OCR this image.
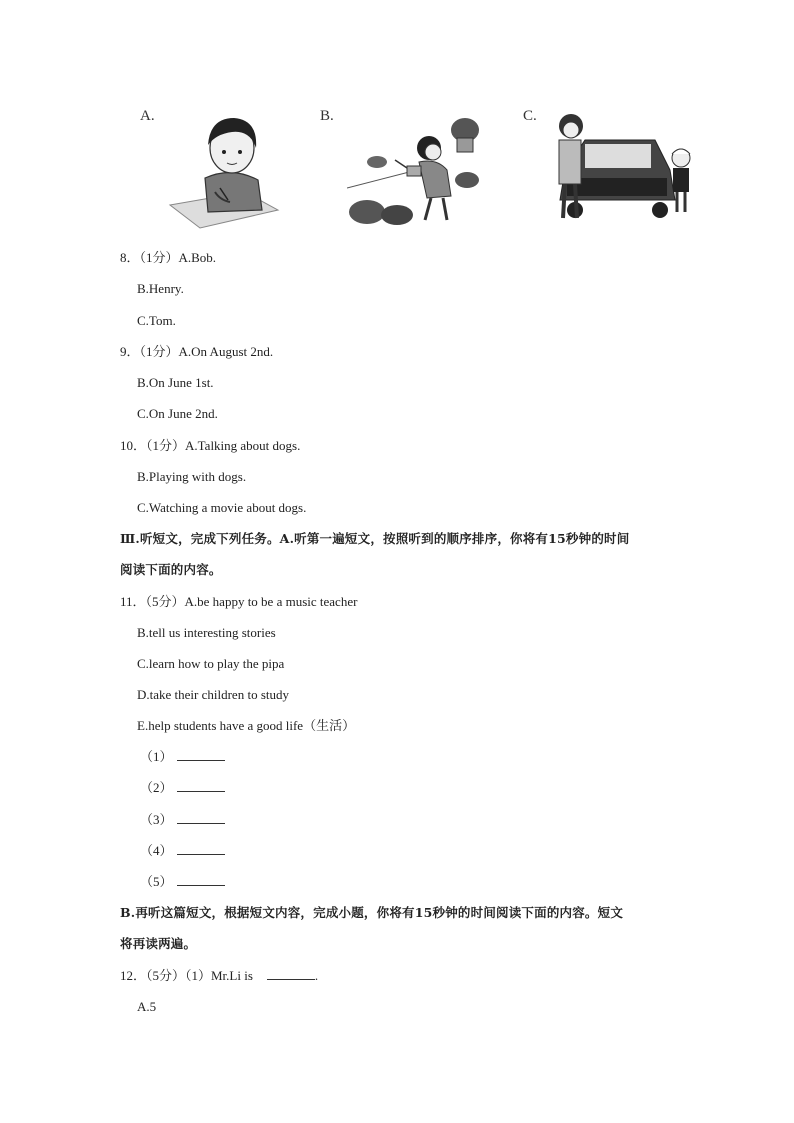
A.	B.	C.
8．（1分）A.Bob.
B.Henry.
C.Tom.
9．（1分）A.On August 2nd.
B.On June 1st.
C.On June 2nd.
10．（1分）A.Talking about dogs.
B.Playing with dogs.
C.Watching a movie about dogs.
Ⅲ.听短文，完成下列任务。A.听第一遍短文，按照听到的顺序排序，你将有15秒钟的时间
阅读下面的内容。
11．（5分）A.be happy to be a music teacher
B.tell us interesting stories
C.learn how to play the pipa
D.take their children to study
E.help students have a good life（生活）
（1）
（2）
（3）
（4）
（5）
B.再听这篇短文，根据短文内容，完成小题，你将有15秒钟的时间阅读下面的内容。短文
将再读两遍。
12．（5分）（1）Mr.Li is	.
A.5
